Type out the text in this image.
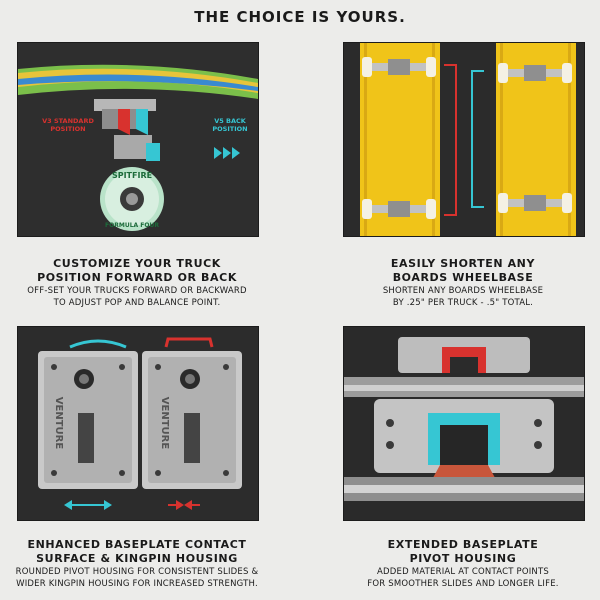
THE CHOICE IS YOURS.
SPITFIRE
FORMULA FOUR
V3 STANDARD
POSITION
V5 BACK
POSITION
VENTURE	VENTURE
CUSTOMIZE YOUR TRUCK
POSITION FORWARD OR BACK
OFF-SET YOUR TRUCKS FORWARD OR BACKWARD
TO ADJUST POP AND BALANCE POINT.
EASILY SHORTEN ANY
BOARDS WHEELBASE
SHORTEN ANY BOARDS WHEELBASE
BY .25" PER TRUCK - .5" TOTAL.
ENHANCED BASEPLATE CONTACT
SURFACE & KINGPIN HOUSING
ROUNDED PIVOT HOUSING FOR CONSISTENT SLIDES &
WIDER KINGPIN HOUSING FOR INCREASED STRENGTH.
EXTENDED BASEPLATE
PIVOT HOUSING
ADDED MATERIAL AT CONTACT POINTS
FOR SMOOTHER SLIDES AND LONGER LIFE.
